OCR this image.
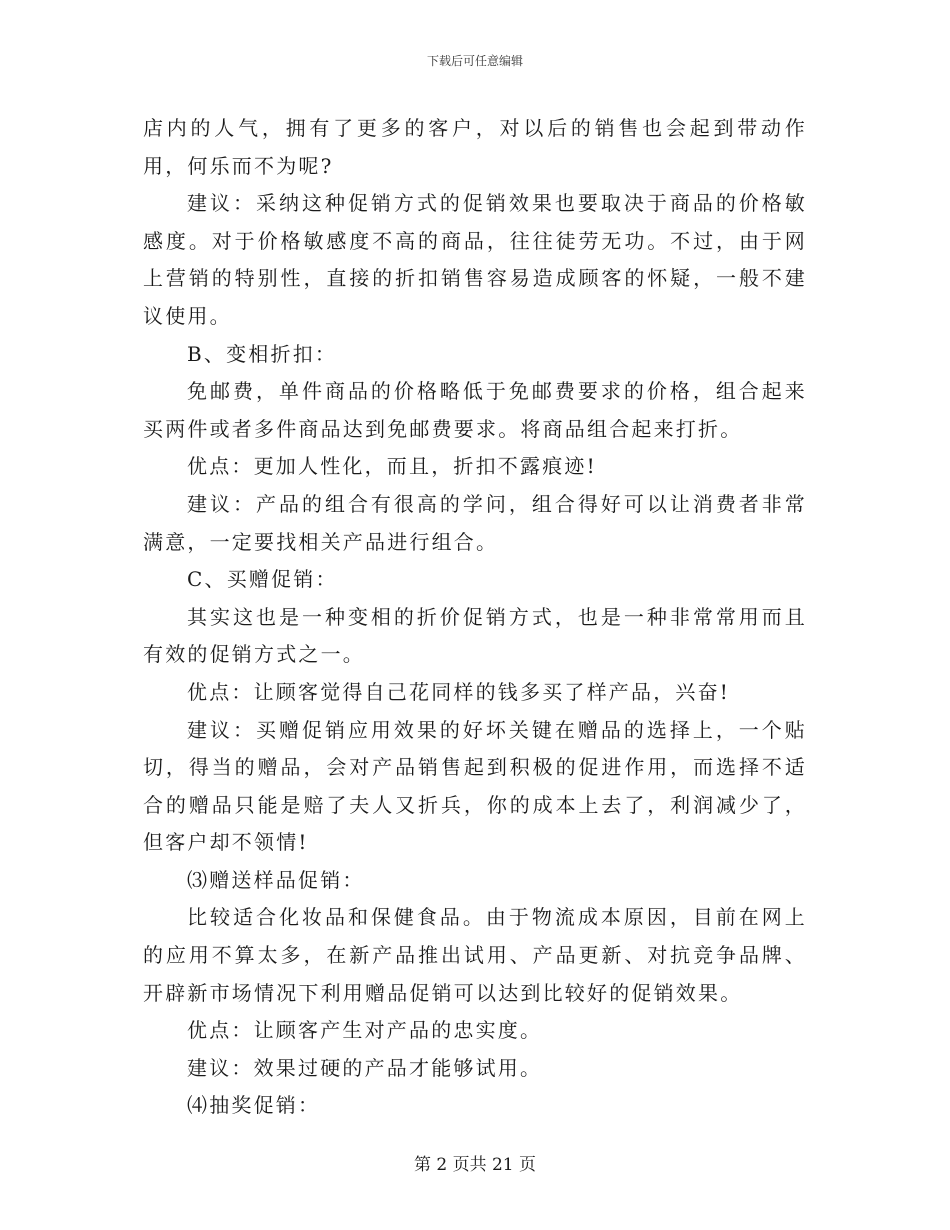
下载后可任意编辑

店内的人气，拥有了更多的客户，对以后的销售也会起到带动作用，何乐而不为呢?

建议：采纳这种促销方式的促销效果也要取决于商品的价格敏感度。对于价格敏感度不高的商品，往往徒劳无功。不过，由于网上营销的特别性，直接的折扣销售容易造成顾客的怀疑，一般不建议使用。

B、变相折扣：

免邮费，单件商品的价格略低于免邮费要求的价格，组合起来买两件或者多件商品达到免邮费要求。将商品组合起来打折。

优点：更加人性化，而且，折扣不露痕迹!

建议：产品的组合有很高的学问，组合得好可以让消费者非常满意，一定要找相关产品进行组合。

C、买赠促销：

其实这也是一种变相的折价促销方式，也是一种非常常用而且有效的促销方式之一。

优点：让顾客觉得自己花同样的钱多买了样产品，兴奋!

建议：买赠促销应用效果的好坏关键在赠品的选择上，一个贴切，得当的赠品，会对产品销售起到积极的促进作用，而选择不适合的赠品只能是赔了夫人又折兵，你的成本上去了，利润减少了，但客户却不领情!

⑶赠送样品促销：

比较适合化妆品和保健食品。由于物流成本原因，目前在网上的应用不算太多，在新产品推出试用、产品更新、对抗竞争品牌、开辟新市场情况下利用赠品促销可以达到比较好的促销效果。

优点：让顾客产生对产品的忠实度。

建议：效果过硬的产品才能够试用。

⑷抽奖促销：

第 2 页共 21 页
